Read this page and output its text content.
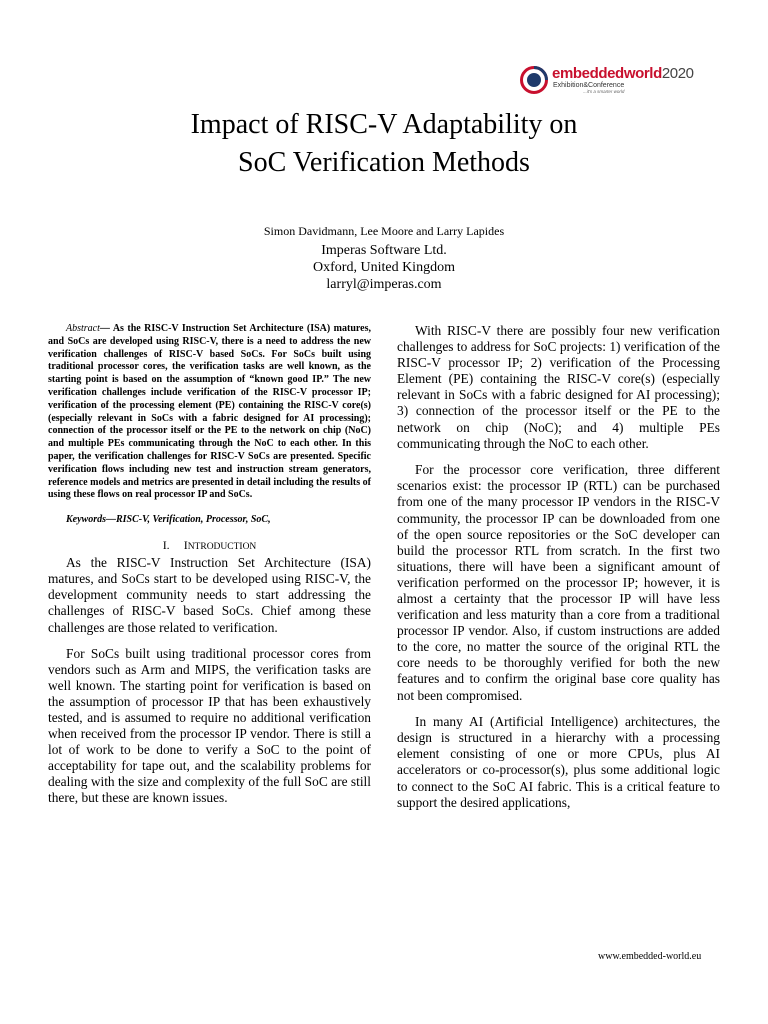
embeddedworld2020
Exhibition&Conference
...it's a smarter world
Impact of RISC-V Adaptability on
SoC Verification Methods
Simon Davidmann, Lee Moore and Larry Lapides
Imperas Software Ltd.
Oxford, United Kingdom
larryl@imperas.com

Abstract— As the RISC-V Instruction Set Architecture (ISA) matures, and SoCs are developed using RISC-V, there is a need to address the new verification challenges of RISC-V based SoCs. For SoCs built using traditional processor cores, the verification tasks are well known, as the starting point is based on the assumption of “known good IP.” The new verification challenges include verification of the RISC-V processor IP; verification of the processing element (PE) containing the RISC-V core(s) (especially relevant in SoCs with a fabric designed for AI processing); connection of the processor itself or the PE to the network on chip (NoC) and multiple PEs communicating through the NoC to each other. In this paper, the verification challenges for RISC-V SoCs are presented. Specific verification flows including new test and instruction stream generators, reference models and metrics are presented in detail including the results of using these flows on real processor IP and SoCs.

Keywords—RISC-V, Verification, Processor, SoC,

I. INTRODUCTION

As the RISC-V Instruction Set Architecture (ISA) matures, and SoCs start to be developed using RISC-V, the development community needs to start addressing the challenges of RISC-V based SoCs. Chief among these challenges are those related to verification.

For SoCs built using traditional processor cores from vendors such as Arm and MIPS, the verification tasks are well known. The starting point for verification is based on the assumption of processor IP that has been exhaustively tested, and is assumed to require no additional verification when received from the processor IP vendor. There is still a lot of work to be done to verify a SoC to the point of acceptability for tape out, and the scalability problems for dealing with the size and complexity of the full SoC are still there, but these are known issues.

With RISC-V there are possibly four new verification challenges to address for SoC projects: 1) verification of the RISC-V processor IP; 2) verification of the Processing Element (PE) containing the RISC-V core(s) (especially relevant in SoCs with a fabric designed for AI processing); 3) connection of the processor itself or the PE to the network on chip (NoC); and 4) multiple PEs communicating through the NoC to each other.

For the processor core verification, three different scenarios exist: the processor IP (RTL) can be purchased from one of the many processor IP vendors in the RISC-V community, the processor IP can be downloaded from one of the open source repositories or the SoC developer can build the processor RTL from scratch. In the first two situations, there will have been a significant amount of verification performed on the processor IP; however, it is almost a certainty that the processor IP will have less verification and less maturity than a core from a traditional processor IP vendor. Also, if custom instructions are added to the core, no matter the source of the original RTL the core needs to be thoroughly verified for both the new features and to confirm the original base core quality has not been compromised.

In many AI (Artificial Intelligence) architectures, the design is structured in a hierarchy with a processing element consisting of one or more CPUs, plus AI accelerators or co-processor(s), plus some additional logic to connect to the SoC AI fabric. This is a critical feature to support the desired applications,

www.embedded-world.eu
